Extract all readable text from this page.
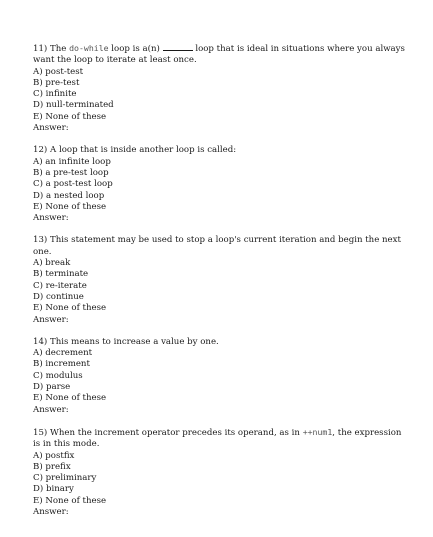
11) The do-while loop is a(n)	loop that is ideal in situations where you always want the loop to iterate at least once.
A) post-test
B) pre-test
C) infinite
D) null-terminated
E) None of these
Answer:
12) A loop that is inside another loop is called:
A) an infinite loop
B) a pre-test loop
C) a post-test loop
D) a nested loop
E) None of these
Answer:
13) This statement may be used to stop a loop's current iteration and begin the next one.
A) break
B) terminate
C) re-iterate
D) continue
E) None of these
Answer:
14) This means to increase a value by one.
A) decrement
B) increment
C) modulus
D) parse
E) None of these
Answer:
15) When the increment operator precedes its operand, as in ++num1, the expression is in this mode.
A) postfix
B) prefix
C) preliminary
D) binary
E) None of these
Answer:
